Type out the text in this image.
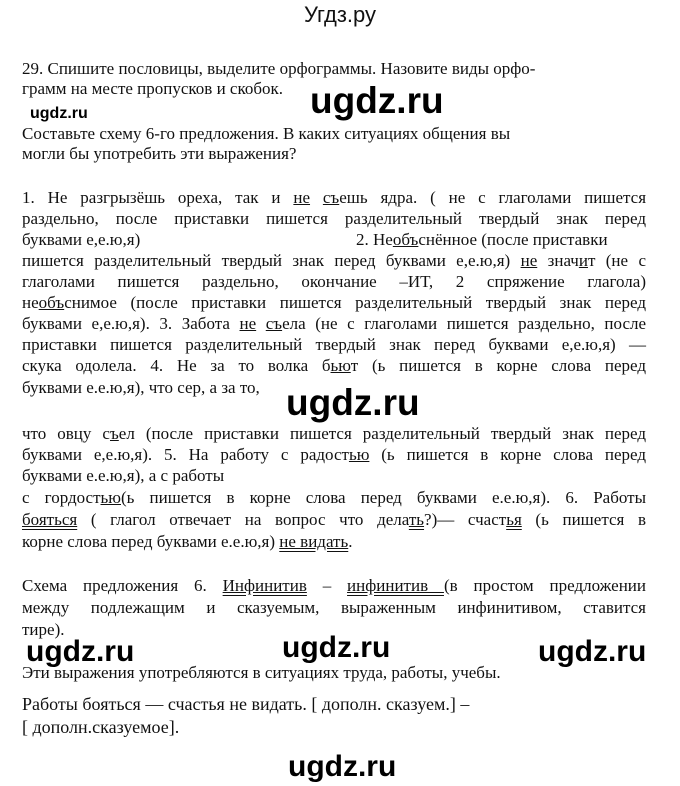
Угдз.ру
ugdz.ru	ugdz.ru
ugdz.ru
ugdz.ru	ugdz.ru	ugdz.ru
ugdz.ru
29. Спишите пословицы, выделите орфограммы. Назовите виды орфо-
грамм на месте пропусков и скобок.
Составьте схему 6-го предложения. В каких ситуациях общения вы
могли бы употребить эти выражения?
1. Не разгрызёшь ореха, так и не съешь ядра. ( не с глаголами пишется
раздельно, после приставки пишется разделительный твердый знак перед
буквами е,е.ю,я)	2. Необъснённое (после приставки
пишется разделительный твердый знак перед буквами е,е.ю,я) не значит (не с
глаголами пишется раздельно, окончание –ИТ, 2 спряжение глагола)
необъснимое (после приставки пишется разделительный твердый знак перед
буквами е,е.ю,я). 3. Забота не съела (не с глаголами пишется раздельно, после
приставки пишется разделительный твердый знак перед буквами е,е.ю,я) —
скука одолела. 4. Не за то волка бьют (ь пишется в корне слова перед
буквами е.е.ю,я), что сер, а за то,
что овцу съел (после приставки пишется разделительный твердый знак перед
буквами е,е.ю,я). 5. На работу с радостью (ь пишется в корне слова перед
буквами е.е.ю,я), а с работы
с гордостью(ь пишется в корне слова перед буквами е.е.ю,я). 6. Работы
бояться ( глагол отвечает на вопрос что делать?)— счастья (ь пишется в
корне слова перед буквами е.е.ю,я) не видать.
Схема предложения 6. Инфинитив – инфинитив (в простом предложении
между подлежащим и сказуемым, выраженным инфинитивом, ставится
тире).
Эти выражения употребляются в ситуациях труда, работы, учебы.
Работы бояться — счастья не видать. [ дополн. сказуем.] –
[ дополн.сказуемое].
